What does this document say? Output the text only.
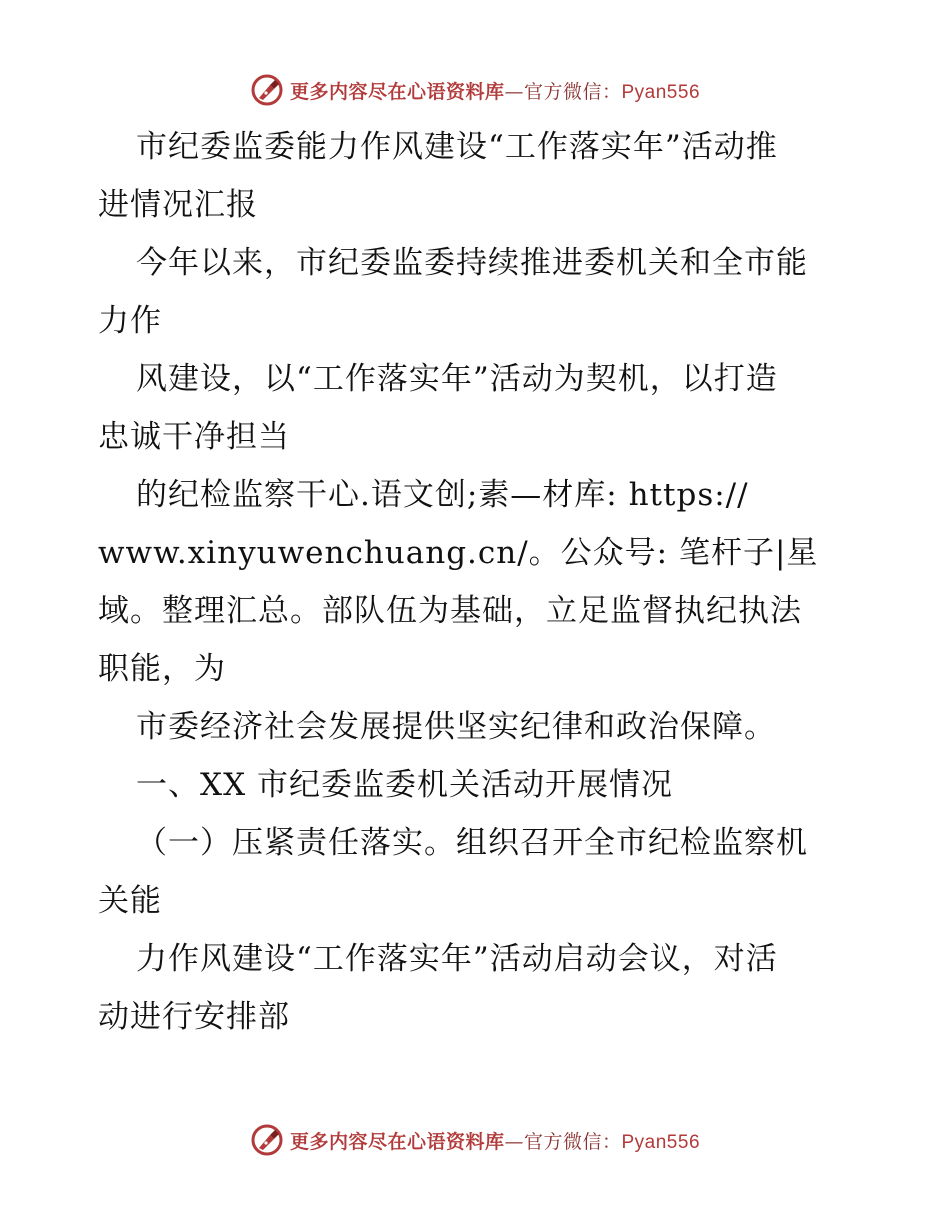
更多内容尽在心语资料库—官方微信：Pyan556
市纪委监委能力作风建设“工作落实年”活动推
进情况汇报
今年以来，市纪委监委持续推进委机关和全市能
力作
风建设，以“工作落实年”活动为契机，以打造
忠诚干净担当
的纪检监察干心.语文创;素—材库: https://
www.xinyuwenchuang.cn/。公众号: 笔杆子|星
域。整理汇总。部队伍为基础，立足监督执纪执法
职能，为
市委经济社会发展提供坚实纪律和政治保障。
一、XX 市纪委监委机关活动开展情况
（一）压紧责任落实。组织召开全市纪检监察机
关能
力作风建设“工作落实年”活动启动会议，对活
动进行安排部
更多内容尽在心语资料库—官方微信：Pyan556
